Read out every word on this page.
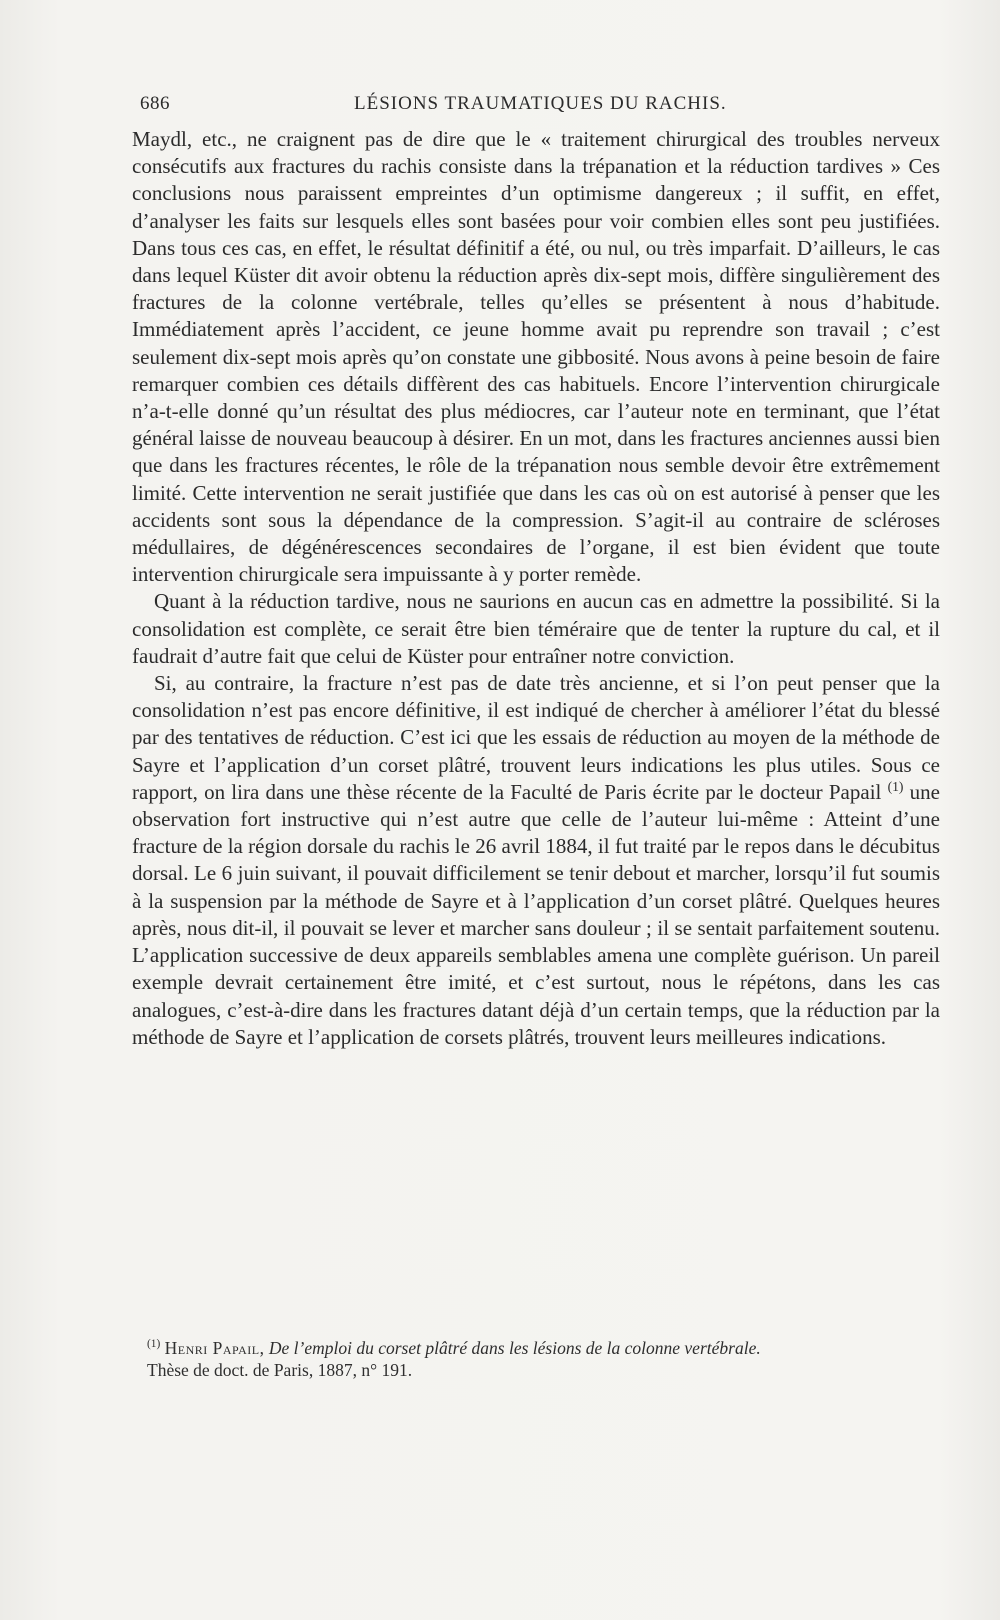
686	LÉSIONS TRAUMATIQUES DU RACHIS.

Maydl, etc., ne craignent pas de dire que le « traitement chirurgical des troubles nerveux consécutifs aux fractures du rachis consiste dans la trépanation et la réduction tardives » Ces conclusions nous paraissent empreintes d’un optimisme dangereux ; il suffit, en effet, d’analyser les faits sur lesquels elles sont basées pour voir combien elles sont peu justifiées. Dans tous ces cas, en effet, le résultat définitif a été, ou nul, ou très imparfait. D’ailleurs, le cas dans lequel Küster dit avoir obtenu la réduction après dix-sept mois, diffère singulièrement des fractures de la colonne vertébrale, telles qu’elles se présentent à nous d’habitude. Immédiatement après l’accident, ce jeune homme avait pu reprendre son travail ; c’est seulement dix-sept mois après qu’on constate une gibbosité. Nous avons à peine besoin de faire remarquer combien ces détails diffèrent des cas habituels. Encore l’intervention chirurgicale n’a-t-elle donné qu’un résultat des plus médiocres, car l’auteur note en terminant, que l’état général laisse de nouveau beaucoup à désirer. En un mot, dans les fractures anciennes aussi bien que dans les fractures récentes, le rôle de la trépanation nous semble devoir être extrêmement limité. Cette intervention ne serait justifiée que dans les cas où on est autorisé à penser que les accidents sont sous la dépendance de la compression. S’agit-il au contraire de scléroses médullaires, de dégénérescences secondaires de l’organe, il est bien évident que toute intervention chirurgicale sera impuissante à y porter remède.

Quant à la réduction tardive, nous ne saurions en aucun cas en admettre la possibilité. Si la consolidation est complète, ce serait être bien téméraire que de tenter la rupture du cal, et il faudrait d’autre fait que celui de Küster pour entraîner notre conviction.

Si, au contraire, la fracture n’est pas de date très ancienne, et si l’on peut penser que la consolidation n’est pas encore définitive, il est indiqué de chercher à améliorer l’état du blessé par des tentatives de réduction. C’est ici que les essais de réduction au moyen de la méthode de Sayre et l’application d’un corset plâtré, trouvent leurs indications les plus utiles. Sous ce rapport, on lira dans une thèse récente de la Faculté de Paris écrite par le docteur Papail $^{(1)}$ une observation fort instructive qui n’est autre que celle de l’auteur lui-même : Atteint d’une fracture de la région dorsale du rachis le 26 avril 1884, il fut traité par le repos dans le décubitus dorsal. Le 6 juin suivant, il pouvait difficilement se tenir debout et marcher, lorsqu’il fut soumis à la suspension par la méthode de Sayre et à l’application d’un corset plâtré. Quelques heures après, nous dit-il, il pouvait se lever et marcher sans douleur ; il se sentait parfaitement soutenu. L’application successive de deux appareils semblables amena une complète guérison. Un pareil exemple devrait certainement être imité, et c’est surtout, nous le répétons, dans les cas analogues, c’est-à-dire dans les fractures datant déjà d’un certain temps, que la réduction par la méthode de Sayre et l’application de corsets plâtrés, trouvent leurs meilleures indications.

$^{(1)}$ Henri Papail, De l’emploi du corset plâtré dans les lésions de la colonne vertébrale.

Thèse de doct. de Paris, 1887, n° 191.
